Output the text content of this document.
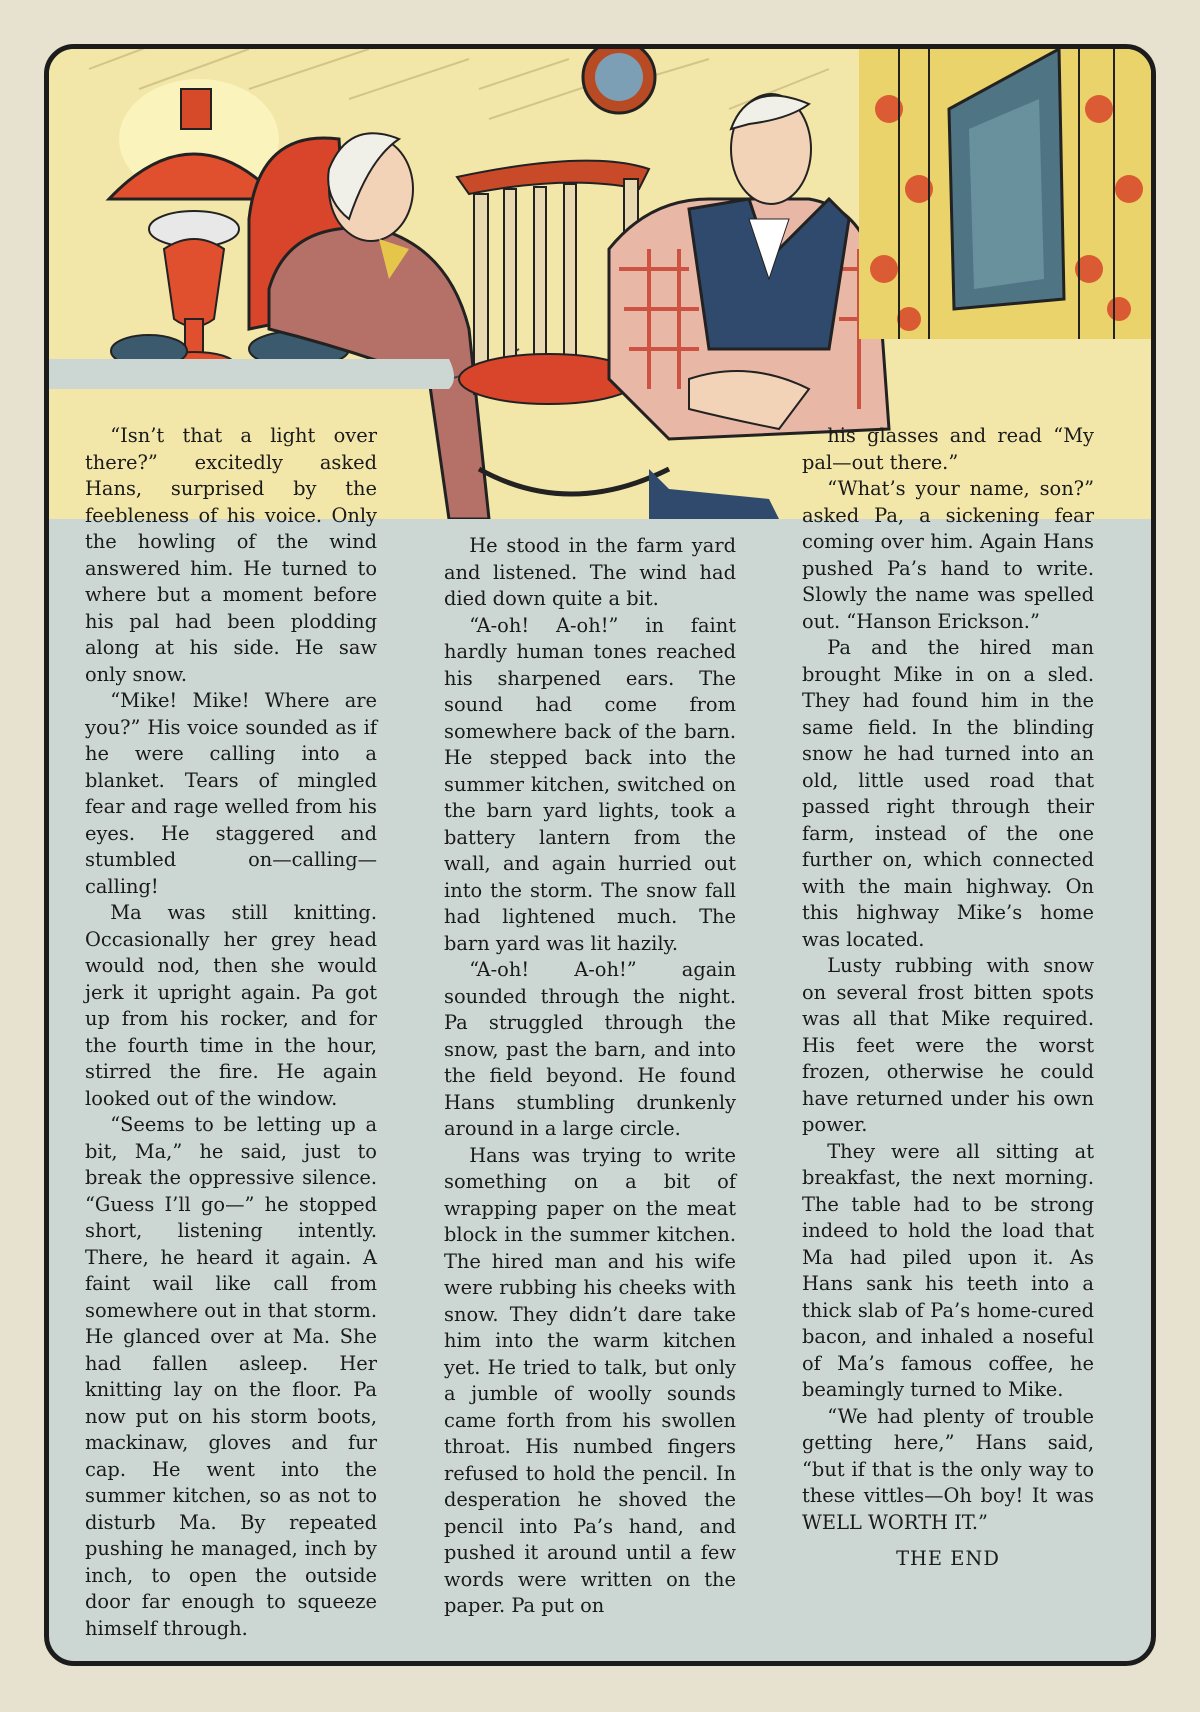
“Isn’t that a light over there?” excitedly asked Hans, surprised by the feebleness of his voice. Only the howling of the wind answered him. He turned to where but a moment before his pal had been plodding along at his side. He saw only snow.

“Mike! Mike! Where are you?” His voice sounded as if he were calling into a blanket. Tears of mingled fear and rage welled from his eyes. He staggered and stumbled on—calling—calling!

Ma was still knitting. Occasionally her grey head would nod, then she would jerk it upright again. Pa got up from his rocker, and for the fourth time in the hour, stirred the fire. He again looked out of the window.

“Seems to be letting up a bit, Ma,” he said, just to break the oppressive silence. “Guess I’ll go—” he stopped short, listening intently. There, he heard it again. A faint wail like call from somewhere out in that storm. He glanced over at Ma. She had fallen asleep. Her knitting lay on the floor. Pa now put on his storm boots, mackinaw, gloves and fur cap. He went into the summer kitchen, so as not to disturb Ma. By repeated pushing he managed, inch by inch, to open the outside door far enough to squeeze himself through.

He stood in the farm yard and listened. The wind had died down quite a bit.

“A-oh! A-oh!” in faint hardly human tones reached his sharpened ears. The sound had come from somewhere back of the barn. He stepped back into the summer kitchen, switched on the barn yard lights, took a battery lantern from the wall, and again hurried out into the storm. The snow fall had lightened much. The barn yard was lit hazily.

“A-oh! A-oh!” again sounded through the night. Pa struggled through the snow, past the barn, and into the field beyond. He found Hans stumbling drunkenly around in a large circle.

Hans was trying to write something on a bit of wrapping paper on the meat block in the summer kitchen. The hired man and his wife were rubbing his cheeks with snow. They didn’t dare take him into the warm kitchen yet. He tried to talk, but only a jumble of woolly sounds came forth from his swollen throat. His numbed fingers refused to hold the pencil. In desperation he shoved the pencil into Pa’s hand, and pushed it around until a few words were written on the paper. Pa put on

his glasses and read “My pal—out there.”

“What’s your name, son?” asked Pa, a sickening fear coming over him. Again Hans pushed Pa’s hand to write. Slowly the name was spelled out. “Hanson Erickson.”

Pa and the hired man brought Mike in on a sled. They had found him in the same field. In the blinding snow he had turned into an old, little used road that passed right through their farm, instead of the one further on, which connected with the main highway. On this highway Mike’s home was located.

Lusty rubbing with snow on several frost bitten spots was all that Mike required. His feet were the worst frozen, otherwise he could have returned under his own power.

They were all sitting at breakfast, the next morning. The table had to be strong indeed to hold the load that Ma had piled upon it. As Hans sank his teeth into a thick slab of Pa’s home-cured bacon, and inhaled a noseful of Ma’s famous coffee, he beamingly turned to Mike.

“We had plenty of trouble getting here,” Hans said, “but if that is the only way to these vittles—Oh boy! It was WELL WORTH IT.”

THE END
